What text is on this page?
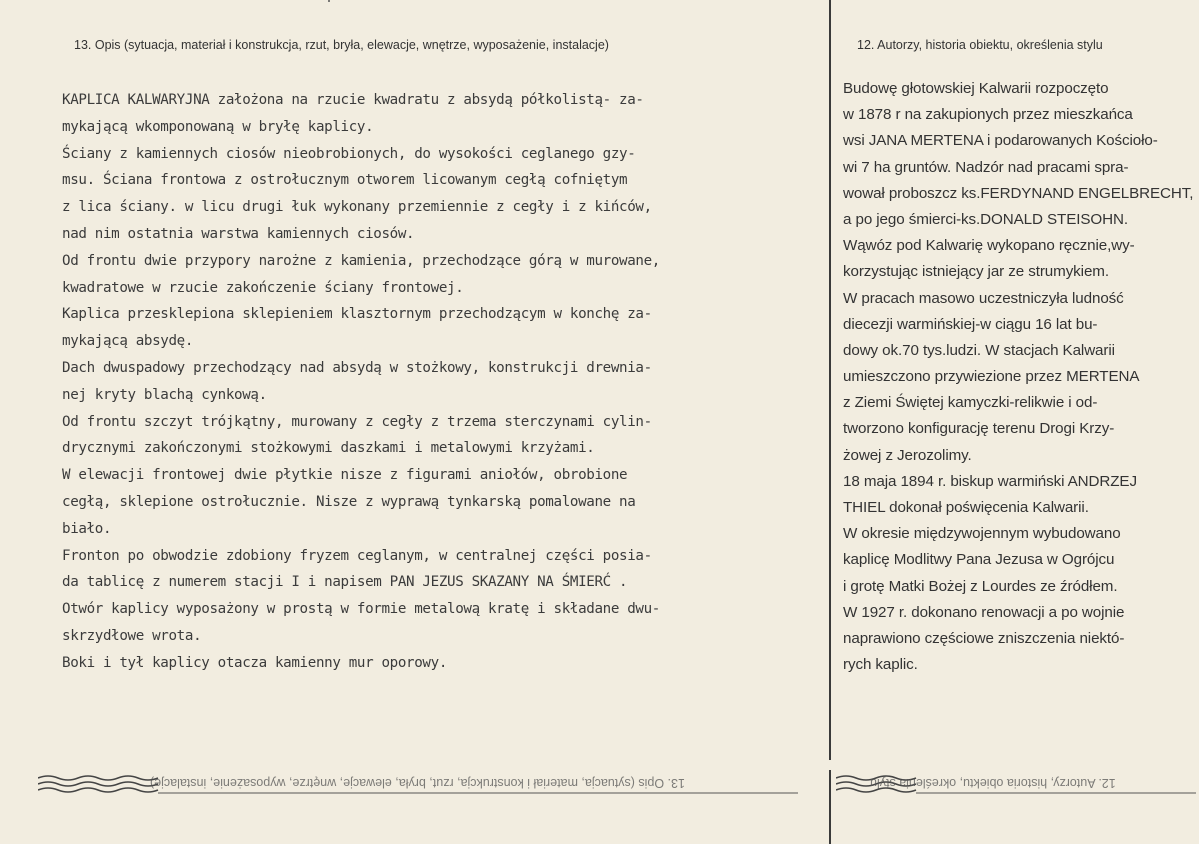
13. Opis (sytuacja, materiał i konstrukcja, rzut, bryła, elewacje, wnętrze, wyposażenie, instalacje)	12. Autorzy, historia obiektu, określenia stylu
KAPLICA KALWARYJNA założona na rzucie kwadratu z absydą półkolistą- za-
mykającą wkomponowaną w bryłę kaplicy.
Ściany z kamiennych ciosów nieobrobionych, do wysokości ceglanego gzy-
msu. Ściana frontowa z ostrołucznym otworem licowanym cegłą cofniętym
z lica ściany. w licu drugi łuk wykonany przemiennie z cegły i z kińców,
nad nim ostatnia warstwa kamiennych ciosów.
Od frontu dwie przypory narożne z kamienia, przechodzące górą w murowane,
kwadratowe w rzucie zakończenie ściany frontowej.
Kaplica przesklepiona sklepieniem klasztornym przechodzącym w konchę za-
mykającą absydę.
Dach dwuspadowy przechodzący nad absydą w stożkowy, konstrukcji drewnia-
nej kryty blachą cynkową.
Od frontu szczyt trójkątny, murowany z cegły z trzema sterczynami cylin-
drycznymi zakończonymi stożkowymi daszkami i metalowymi krzyżami.
W elewacji frontowej dwie płytkie nisze z figurami aniołów, obrobione
cegłą, sklepione ostrołucznie. Nisze z wyprawą tynkarską pomalowane na
biało.
Fronton po obwodzie zdobiony fryzem ceglanym, w centralnej części posia-
da tablicę z numerem stacji I i napisem PAN JEZUS SKAZANY NA ŚMIERĆ .
Otwór kaplicy wyposażony w prostą w formie metalową kratę i składane dwu-
skrzydłowe wrota.
Boki i tył kaplicy otacza kamienny mur oporowy.
Budowę głotowskiej Kalwarii rozpoczęto
w 1878 r na zakupionych przez mieszkańca
wsi JANA MERTENA i podarowanych Kościoło-
wi 7 ha gruntów. Nadzór nad pracami spra-
wował proboszcz ks.FERDYNAND ENGELBRECHT,
a po jego śmierci-ks.DONALD STEISOHN.
Wąwóz pod Kalwarię wykopano ręcznie,wy-
korzystując istniejący jar ze strumykiem.
W pracach masowo uczestniczyła ludność
diecezji warmińskiej-w ciągu 16 lat bu-
dowy ok.70 tys.ludzi. W stacjach Kalwarii
umieszczono przywiezione przez MERTENA
z Ziemi Świętej kamyczki-relikwie i od-
tworzono konfigurację terenu Drogi Krzy-
żowej z Jerozolimy.
18 maja 1894 r. biskup warmiński ANDRZEJ
THIEL dokonał poświęcenia Kalwarii.
W okresie międzywojennym wybudowano
kaplicę Modlitwy Pana Jezusa w Ogrójcu
i grotę Matki Bożej z Lourdes ze źródłem.
W 1927 r. dokonano renowacji a po wojnie
naprawiono częściowe zniszczenia niektó-
rych kaplic.
13. Opis (sytuacja, materiał i konstrukcja, rzut, bryła, elewacje, wnętrze, wyposażenie, instalacje)	12. Autorzy, historia obiektu, określenia stylu
